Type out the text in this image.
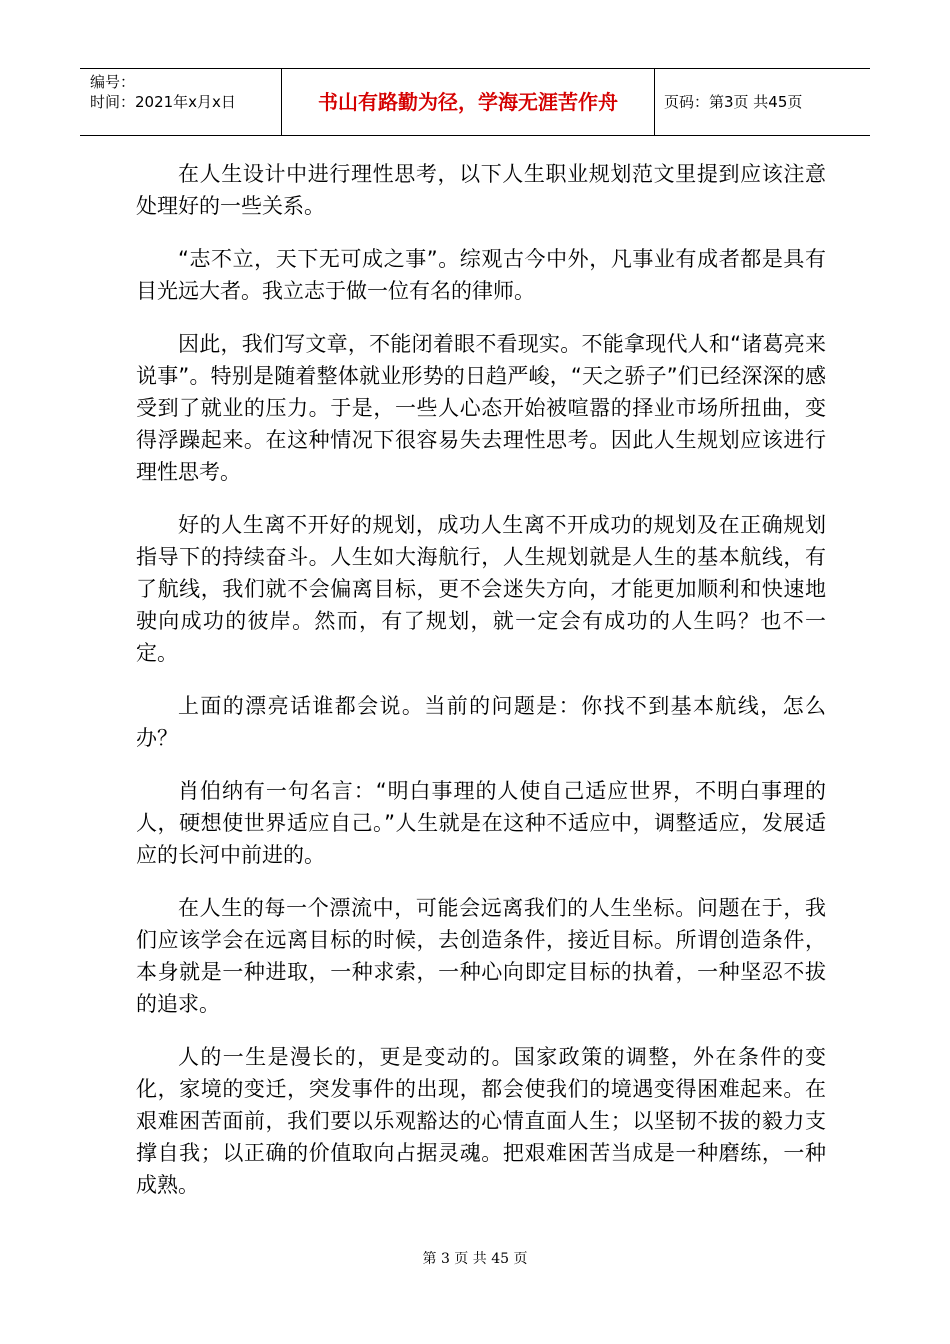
编号：
时间：2021年x月x日	书山有路勤为径，学海无涯苦作舟	页码：第3页 共45页

在人生设计中进行理性思考，以下人生职业规划范文里提到应该注意处理好的一些关系。

“志不立，天下无可成之事”。综观古今中外，凡事业有成者都是具有目光远大者。我立志于做一位有名的律师。

因此，我们写文章，不能闭着眼不看现实。不能拿现代人和“诸葛亮来说事”。特别是随着整体就业形势的日趋严峻，“天之骄子”们已经深深的感受到了就业的压力。于是，一些人心态开始被喧嚣的择业市场所扭曲，变得浮躁起来。在这种情况下很容易失去理性思考。因此人生规划应该进行理性思考。

好的人生离不开好的规划，成功人生离不开成功的规划及在正确规划指导下的持续奋斗。人生如大海航行，人生规划就是人生的基本航线，有了航线，我们就不会偏离目标，更不会迷失方向，才能更加顺利和快速地驶向成功的彼岸。然而，有了规划，就一定会有成功的人生吗？也不一定。

上面的漂亮话谁都会说。当前的问题是：你找不到基本航线，怎么办？

肖伯纳有一句名言：“明白事理的人使自己适应世界，不明白事理的人，硬想使世界适应自己。”人生就是在这种不适应中，调整适应，发展适应的长河中前进的。

在人生的每一个漂流中，可能会远离我们的人生坐标。问题在于，我们应该学会在远离目标的时候，去创造条件，接近目标。所谓创造条件，本身就是一种进取，一种求索，一种心向即定目标的执着，一种坚忍不拔的追求。

人的一生是漫长的，更是变动的。国家政策的调整，外在条件的变化，家境的变迁，突发事件的出现，都会使我们的境遇变得困难起来。在艰难困苦面前，我们要以乐观豁达的心情直面人生；以坚韧不拔的毅力支撑自我；以正确的价值取向占据灵魂。把艰难困苦当成是一种磨练，一种成熟。

第 3 页 共 45 页
